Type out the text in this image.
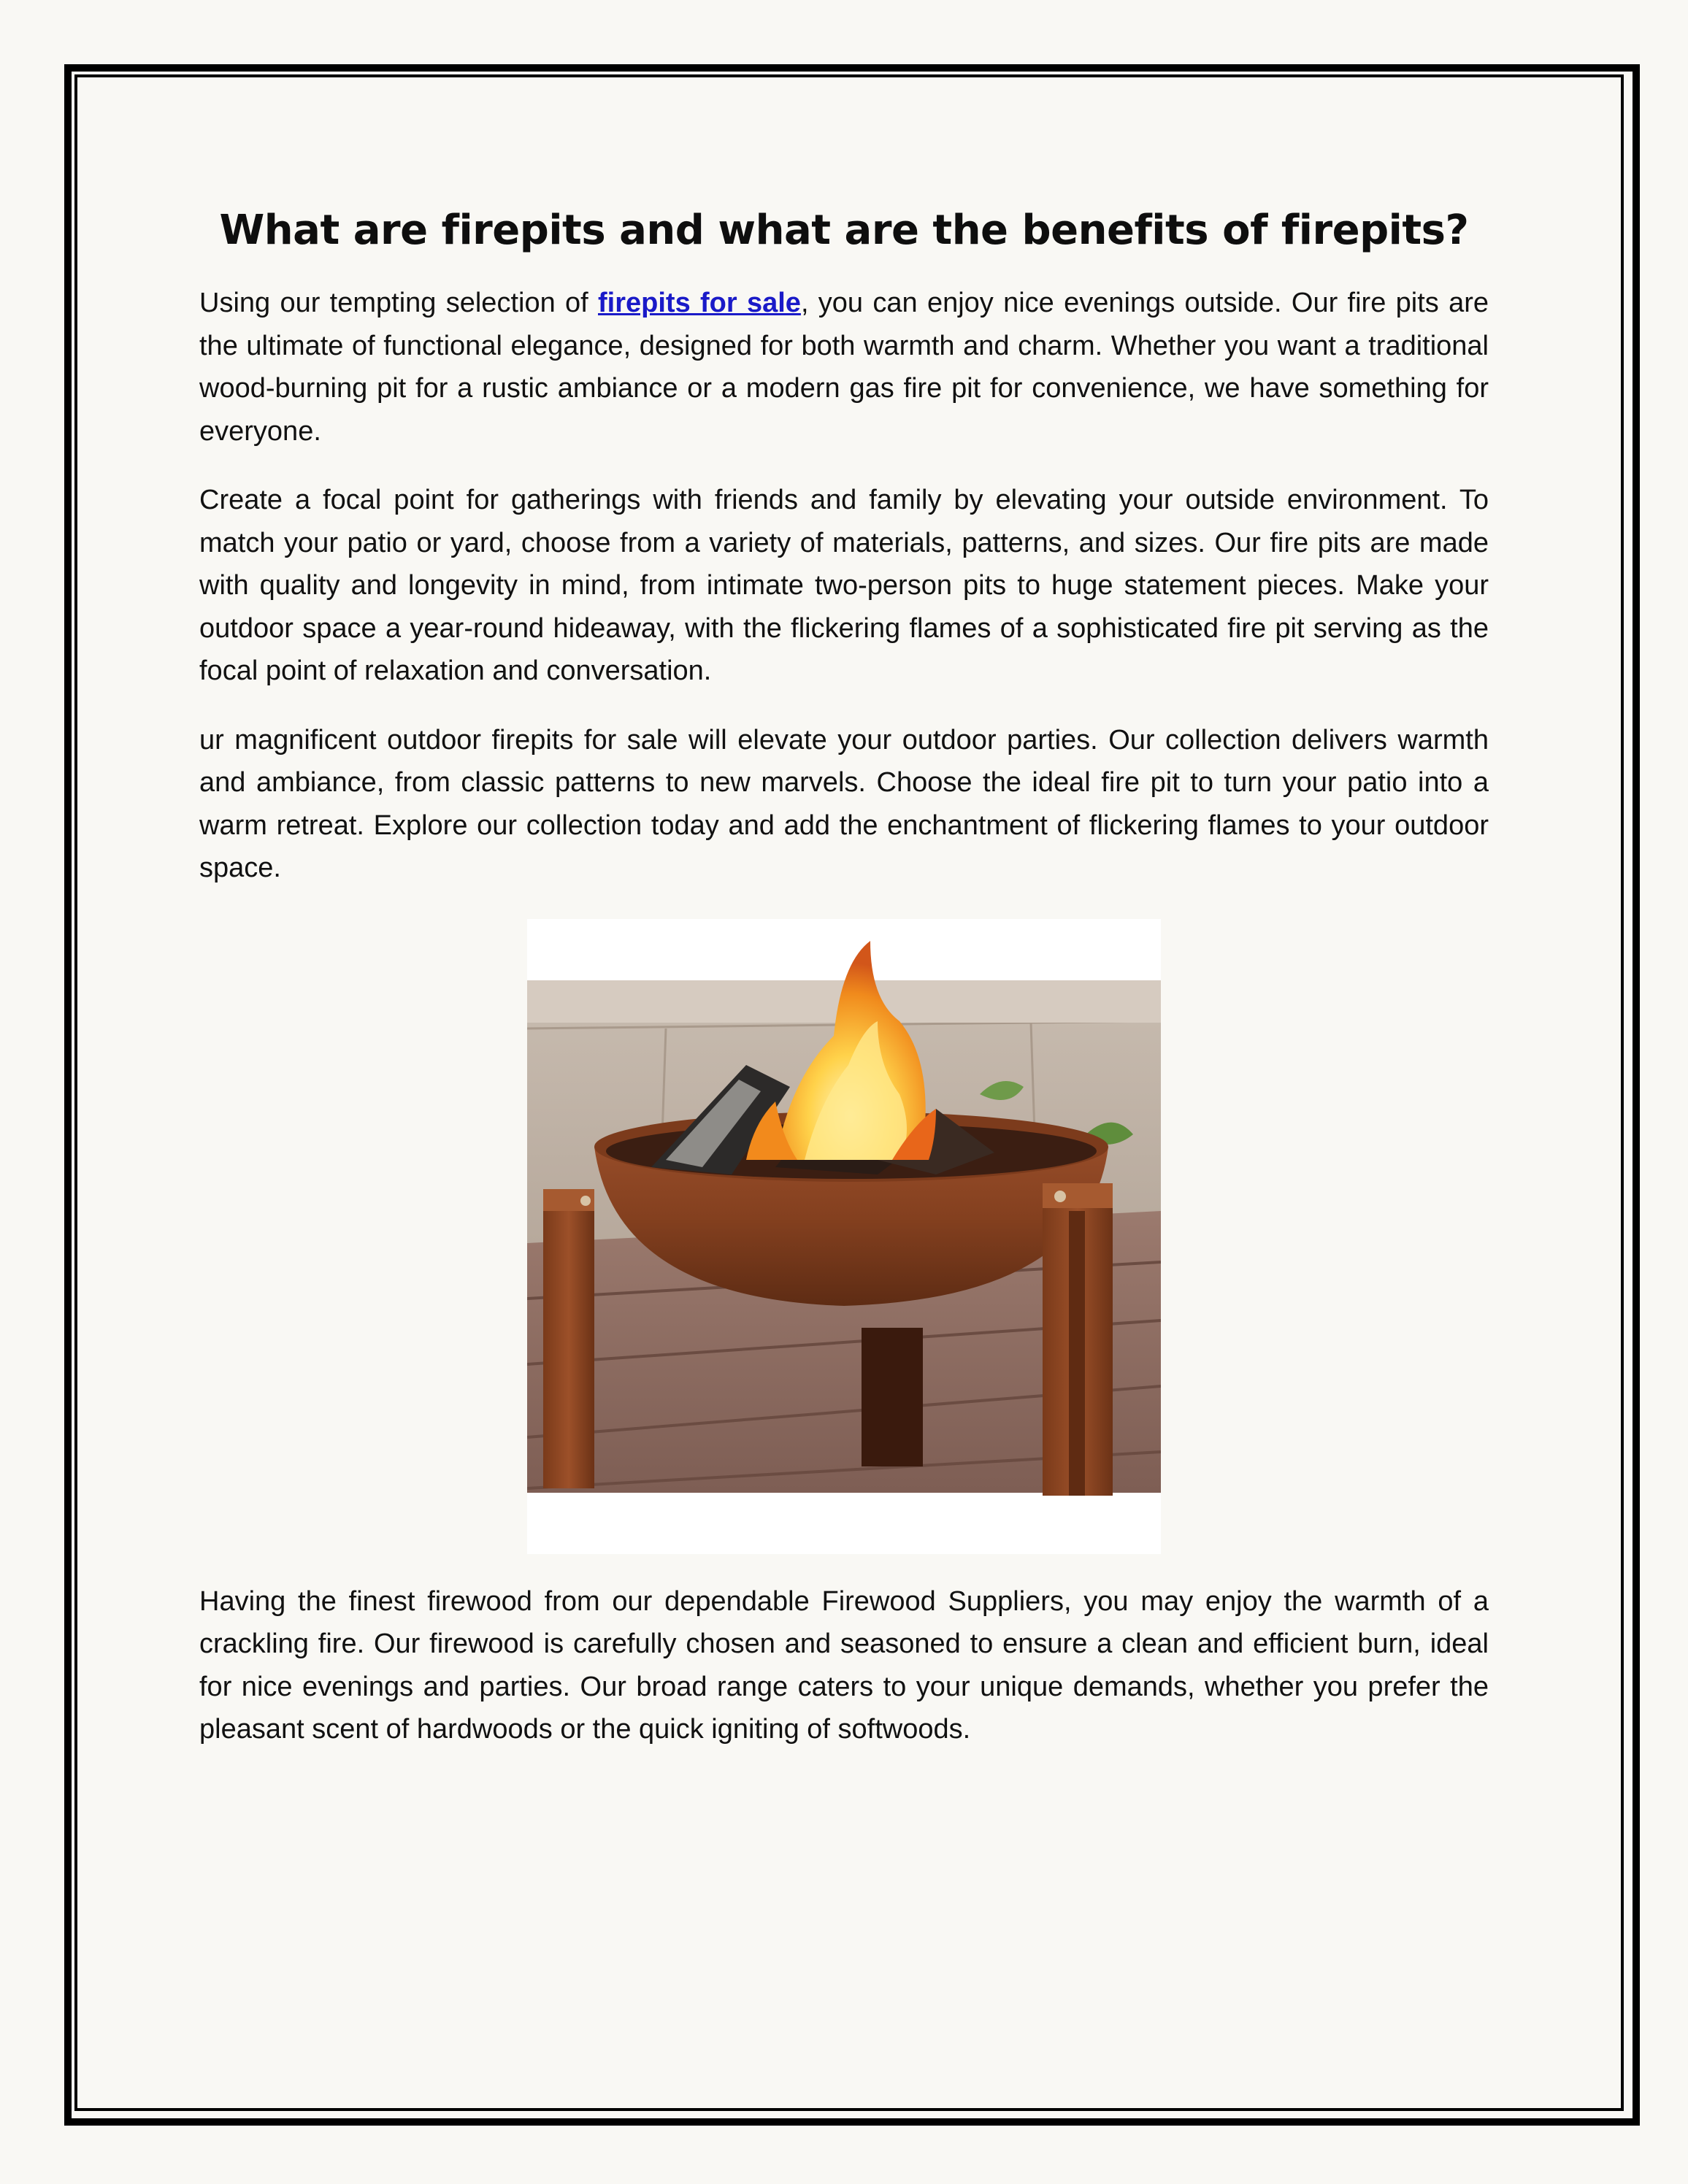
What are firepits and what are the benefits of firepits?

Using our tempting selection of firepits for sale, you can enjoy nice evenings outside. Our fire pits are the ultimate of functional elegance, designed for both warmth and charm. Whether you want a traditional wood-burning pit for a rustic ambiance or a modern gas fire pit for convenience, we have something for everyone.

Create a focal point for gatherings with friends and family by elevating your outside environment. To match your patio or yard, choose from a variety of materials, patterns, and sizes. Our fire pits are made with quality and longevity in mind, from intimate two-person pits to huge statement pieces. Make your outdoor space a year-round hideaway, with the flickering flames of a sophisticated fire pit serving as the focal point of relaxation and conversation.

ur magnificent outdoor firepits for sale will elevate your outdoor parties. Our collection delivers warmth and ambiance, from classic patterns to new marvels. Choose the ideal fire pit to turn your patio into a warm retreat. Explore our collection today and add the enchantment of flickering flames to your outdoor space.

Having the finest firewood from our dependable Firewood Suppliers, you may enjoy the warmth of a crackling fire. Our firewood is carefully chosen and seasoned to ensure a clean and efficient burn, ideal for nice evenings and parties. Our broad range caters to your unique demands, whether you prefer the pleasant scent of hardwoods or the quick igniting of softwoods.
